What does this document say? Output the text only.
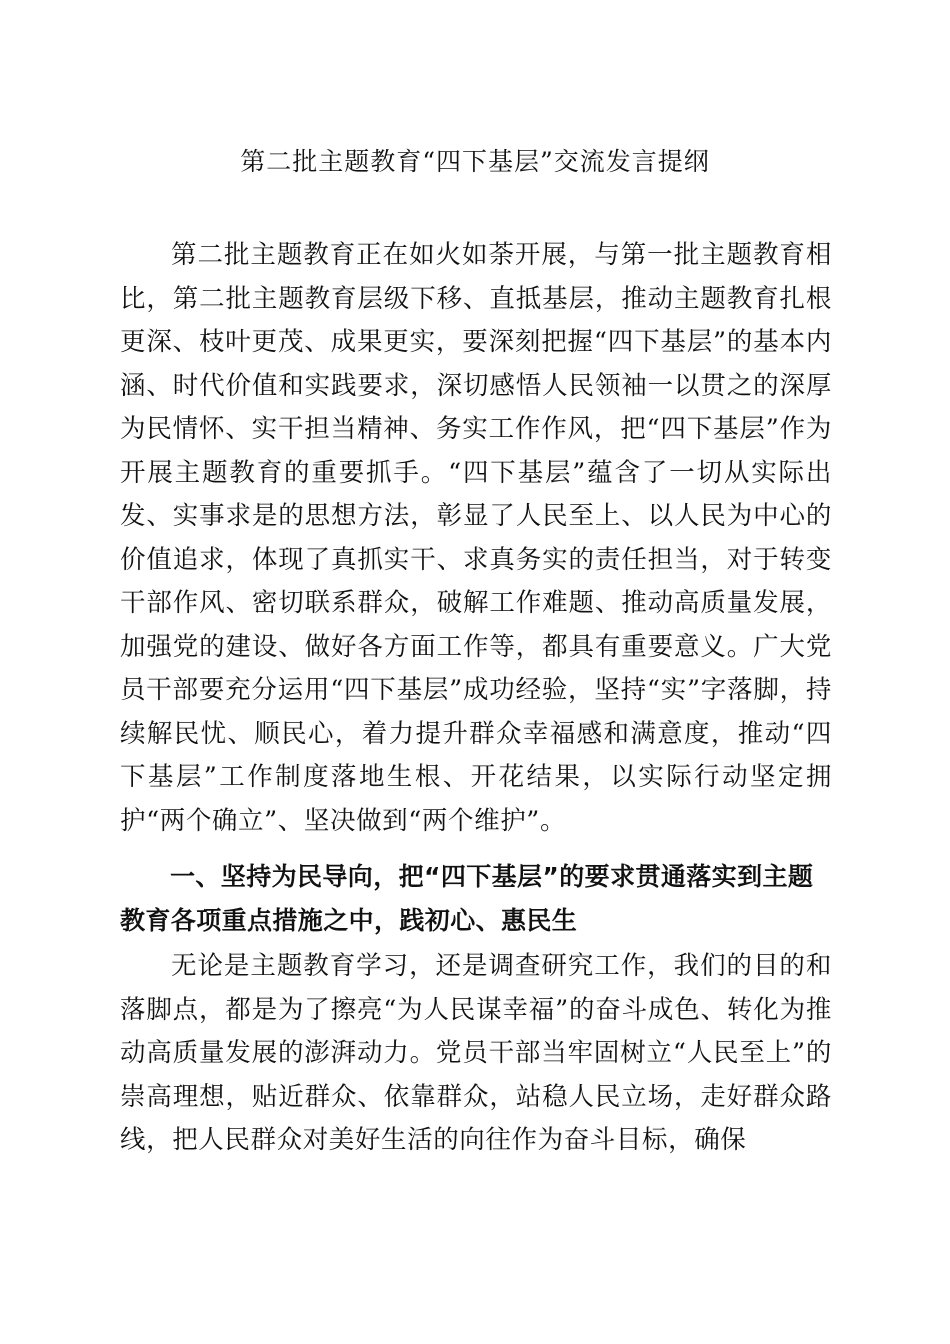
第二批主题教育“四下基层”交流发言提纲

第二批主题教育正在如火如荼开展，与第一批主题教育相比，第二批主题教育层级下移、直抵基层，推动主题教育扎根更深、枝叶更茂、成果更实，要深刻把握“四下基层”的基本内涵、时代价值和实践要求，深切感悟人民领袖一以贯之的深厚为民情怀、实干担当精神、务实工作作风，把“四下基层”作为开展主题教育的重要抓手。“四下基层”蕴含了一切从实际出发、实事求是的思想方法，彰显了人民至上、以人民为中心的价值追求，体现了真抓实干、求真务实的责任担当，对于转变干部作风、密切联系群众，破解工作难题、推动高质量发展，加强党的建设、做好各方面工作等，都具有重要意义。广大党员干部要充分运用“四下基层”成功经验，坚持“实”字落脚，持续解民忧、顺民心，着力提升群众幸福感和满意度，推动“四下基层”工作制度落地生根、开花结果，以实际行动坚定拥护“两个确立”、坚决做到“两个维护”。

一、坚持为民导向，把“四下基层”的要求贯通落实到主题教育各项重点措施之中，践初心、惠民生

无论是主题教育学习，还是调查研究工作，我们的目的和落脚点，都是为了擦亮“为人民谋幸福”的奋斗成色、转化为推动高质量发展的澎湃动力。党员干部当牢固树立“人民至上”的崇高理想，贴近群众、依靠群众，站稳人民立场，走好群众路线，把人民群众对美好生活的向往作为奋斗目标，确保
